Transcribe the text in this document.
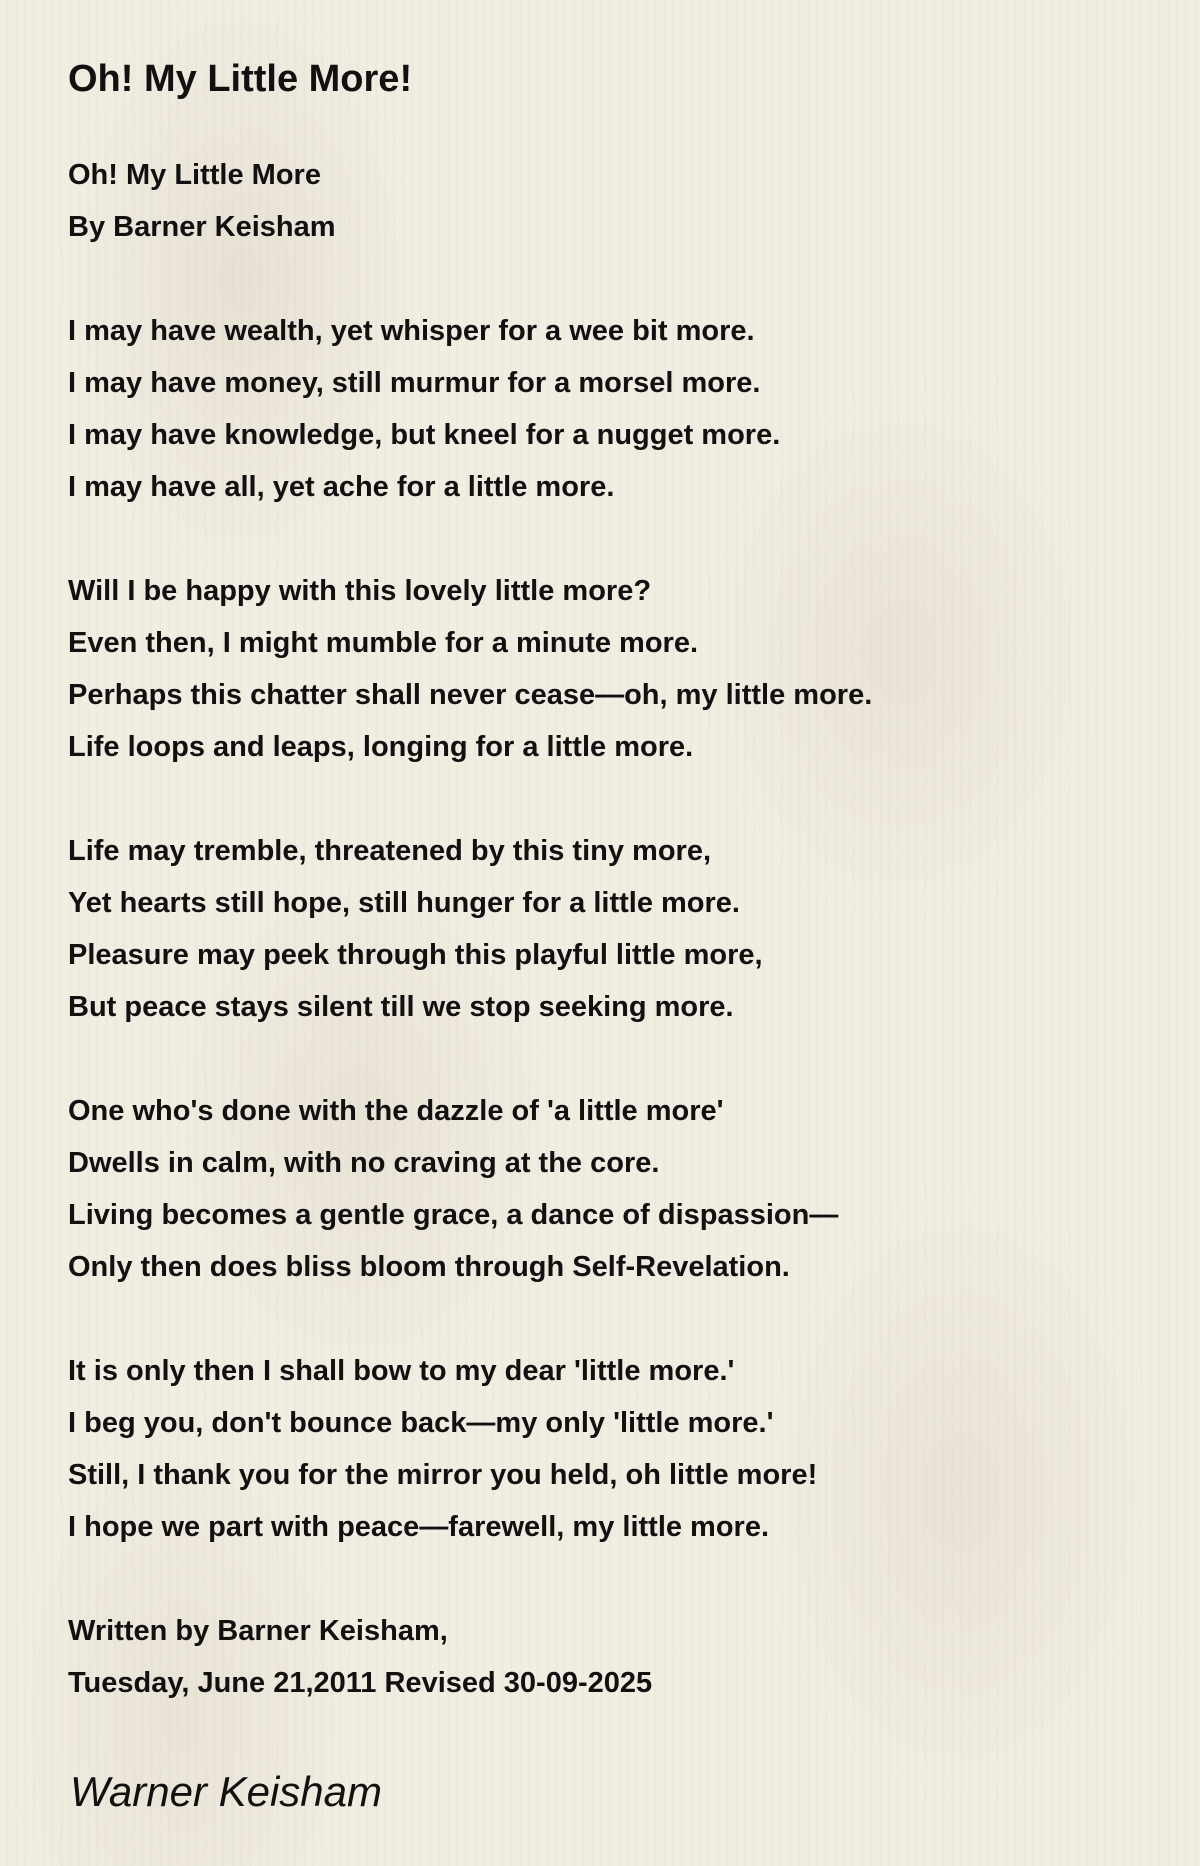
Oh! My Little More!

Oh! My Little More

By Barner Keisham

I may have wealth, yet whisper for a wee bit more.

I may have money, still murmur for a morsel more.

I may have knowledge, but kneel for a nugget more.

I may have all, yet ache for a little more.

Will I be happy with this lovely little more?

Even then, I might mumble for a minute more.

Perhaps this chatter shall never cease—oh, my little more.

Life loops and leaps, longing for a little more.

Life may tremble, threatened by this tiny more,

Yet hearts still hope, still hunger for a little more.

Pleasure may peek through this playful little more,

But peace stays silent till we stop seeking more.

One who's done with the dazzle of 'a little more'

Dwells in calm, with no craving at the core.

Living becomes a gentle grace, a dance of dispassion—

Only then does bliss bloom through Self-Revelation.

It is only then I shall bow to my dear 'little more.'

I beg you, don't bounce back—my only 'little more.'

Still, I thank you for the mirror you held, oh little more!

I hope we part with peace—farewell, my little more.

Written by Barner Keisham,

Tuesday, June 21,2011 Revised 30-09-2025

Warner Keisham
